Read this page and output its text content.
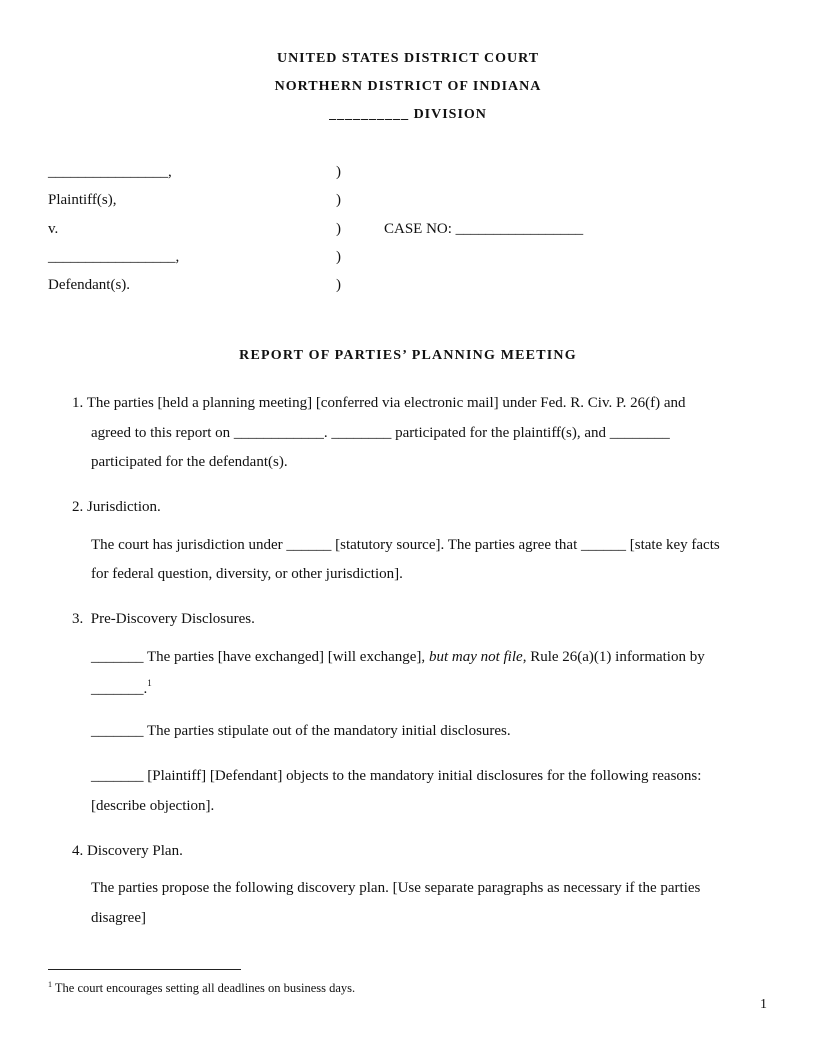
UNITED STATES DISTRICT COURT
NORTHERN DISTRICT OF INDIANA
__________ DIVISION
________________,
Plaintiff(s),
v.
_________________,
Defendant(s).
)
)
)
)
)
CASE NO: _________________
REPORT OF PARTIES’ PLANNING MEETING
1. The parties [held a planning meeting] [conferred via electronic mail] under Fed. R. Civ. P. 26(f) and
agreed to this report on ____________. ________ participated for the plaintiff(s), and ________
participated for the defendant(s).
2. Jurisdiction.
The court has jurisdiction under ______ [statutory source]. The parties agree that ______ [state key facts
for federal question, diversity, or other jurisdiction].
3.  Pre-Discovery Disclosures.
_______ The parties [have exchanged] [will exchange], but may not file, Rule 26(a)(1) information by
_______.$^1$
_______ The parties stipulate out of the mandatory initial disclosures.
_______ [Plaintiff] [Defendant] objects to the mandatory initial disclosures for the following reasons:
[describe objection].
4. Discovery Plan.
The parties propose the following discovery plan. [Use separate paragraphs as necessary if the parties
disagree]
$^1$ The court encourages setting all deadlines on business days.
1
